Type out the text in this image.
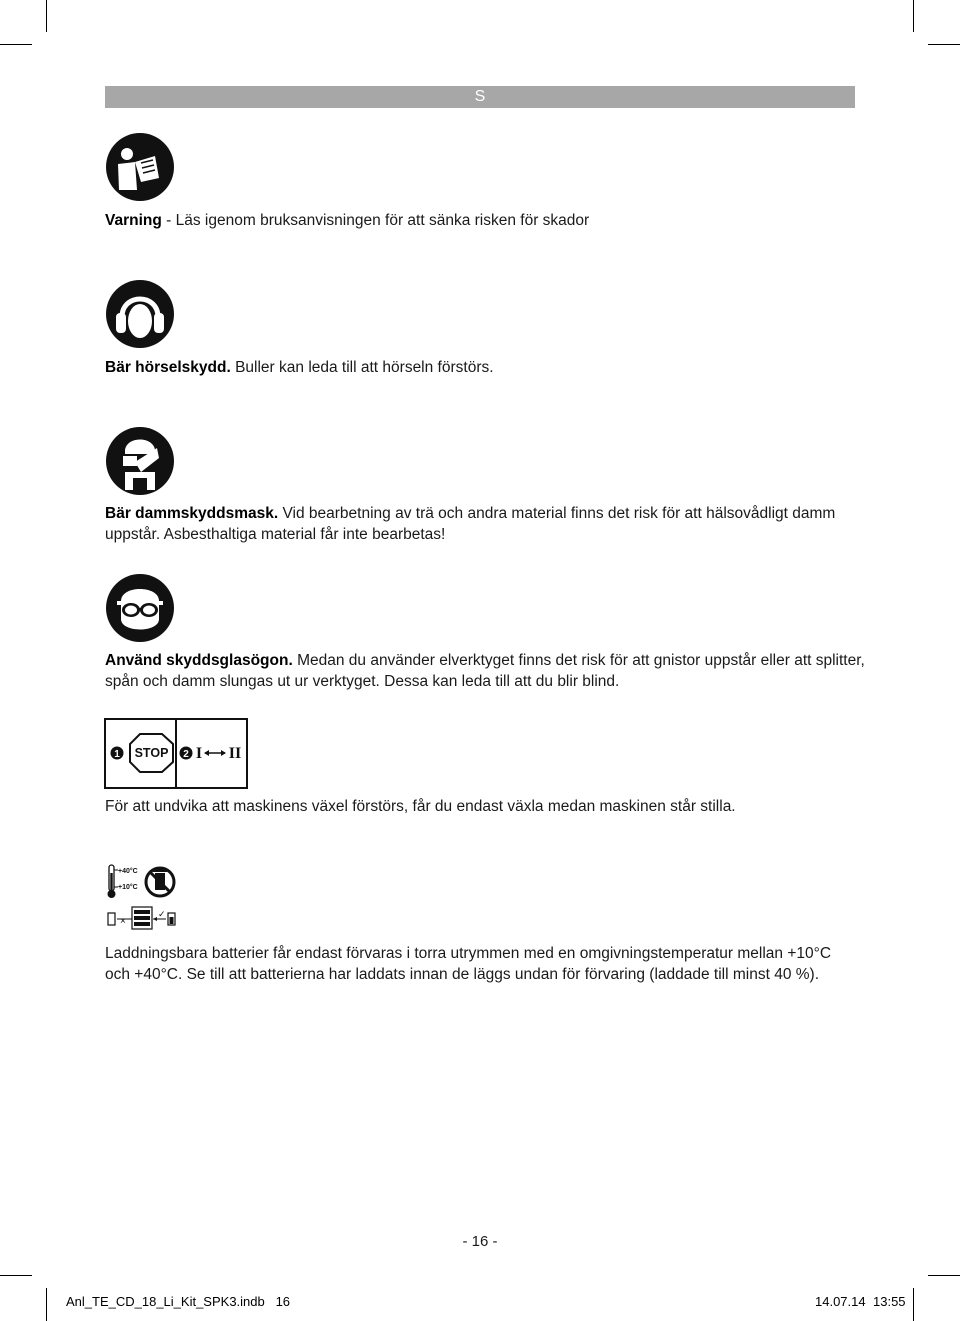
S
Varning - Läs igenom bruksanvisningen för att sänka risken för skador
Bär hörselskydd. Buller kan leda till att hörseln förstörs.
Bär dammskyddsmask. Vid bearbetning av trä och andra material finns det risk för att hälsovådligt damm uppstår. Asbesthaltiga material får inte bearbetas!
Använd skyddsglasögon. Medan du använder elverktyget finns det risk för att gnistor uppstår eller att splitter, spån och damm slungas ut ur verktyget. Dessa kan leda till att du blir blind.
1 STOP 2 I II
För att undvika att maskinens växel förstörs, får du endast växla medan maskinen står stilla.
+40°C
+10°C
×
✓
Laddningsbara batterier får endast förvaras i torra utrymmen med en omgivningstemperatur mellan +10°C och +40°C. Se till att batterierna har laddats innan de läggs undan för förvaring (laddade till minst 40 %).
- 16 -
Anl_TE_CD_18_Li_Kit_SPK3.indb   16	14.07.14 13:55
